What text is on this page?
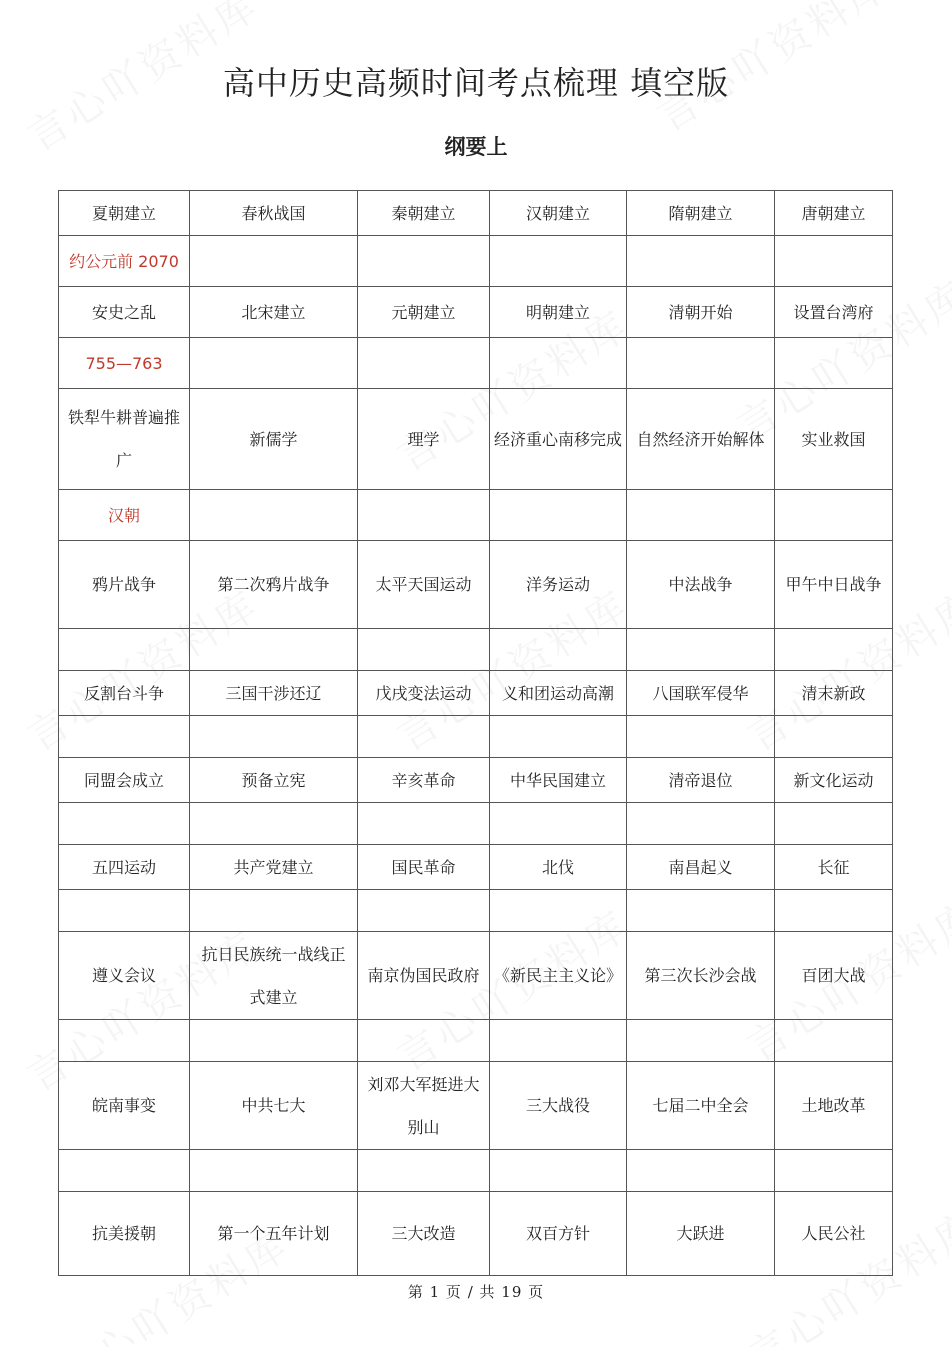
高中历史高频时间考点梳理 填空版
纲要上
夏朝建立	春秋战国	秦朝建立	汉朝建立	隋朝建立	唐朝建立
约公元前 2070					
安史之乱	北宋建立	元朝建立	明朝建立	清朝开始	设置台湾府
755—763					
铁犁牛耕普遍推广	新儒学	理学	经济重心南移完成	自然经济开始解体	实业救国
汉朝					
鸦片战争	第二次鸦片战争	太平天国运动	洋务运动	中法战争	甲午中日战争

反割台斗争	三国干涉还辽	戊戌变法运动	义和团运动高潮	八国联军侵华	清末新政

同盟会成立	预备立宪	辛亥革命	中华民国建立	清帝退位	新文化运动

五四运动	共产党建立	国民革命	北伐	南昌起义	长征

遵义会议	抗日民族统一战线正式建立	南京伪国民政府	《新民主主义论》	第三次长沙会战	百团大战

皖南事变	中共七大	刘邓大军挺进大别山	三大战役	七届二中全会	土地改革

抗美援朝	第一个五年计划	三大改造	双百方针	大跃进	人民公社
第 1 页 / 共 19 页
